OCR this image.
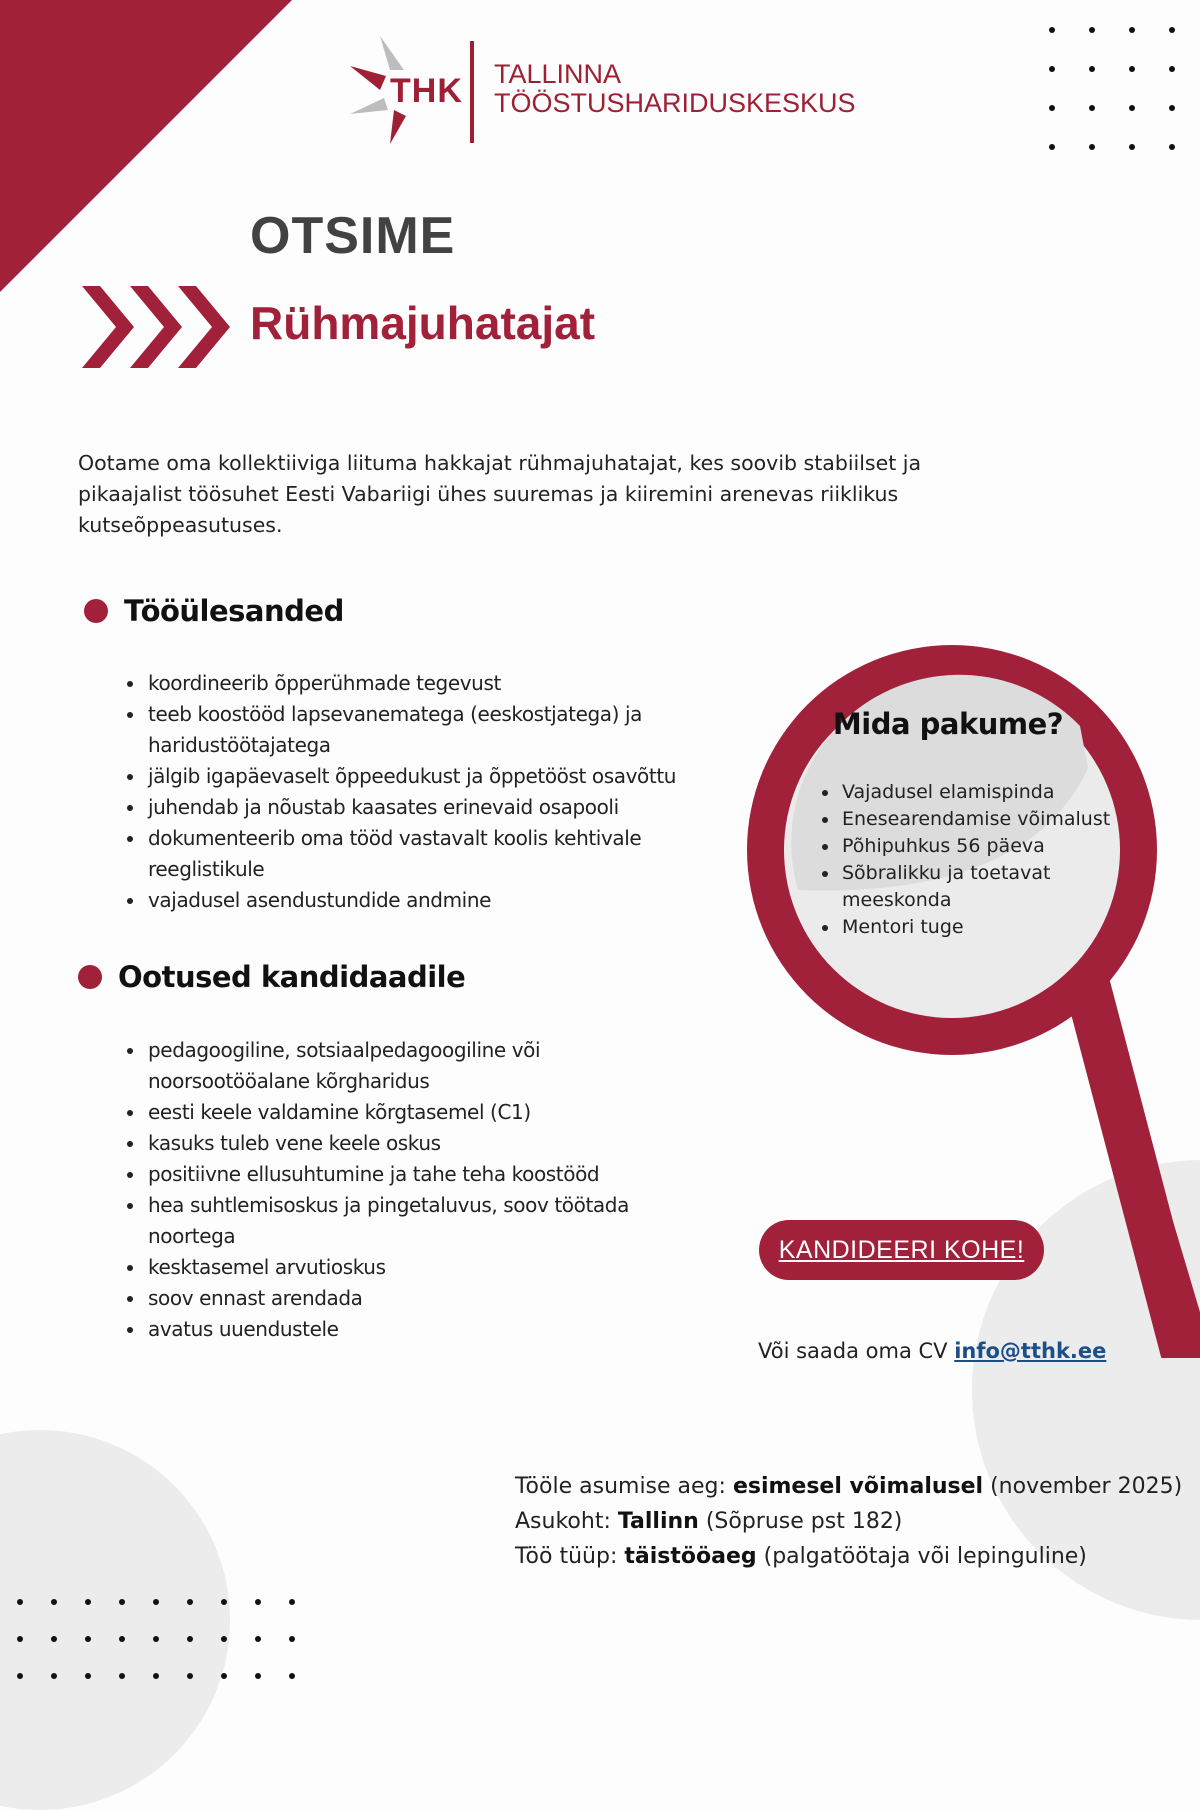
THK TALLINNA
TÖÖSTUSHARIDUSKESKUS
OTSIME
Rühmajuhatajat
Ootame oma kollektiiviga liituma hakkajat rühmajuhatajat, kes soovib stabiilset ja pikaajalist töösuhet Eesti Vabariigi ühes suuremas ja kiiremini arenevas riiklikus kutseõppeasutuses.
Tööülesanded
• koordineerib õpperühmade tegevust
• teeb koostööd lapsevanematega (eeskostjatega) ja haridustöötajatega
• jälgib igapäevaselt õppeedukust ja õppetööst osavõttu
• juhendab ja nõustab kaasates erinevaid osapooli
• dokumenteerib oma tööd vastavalt koolis kehtivale reeglistikule
• vajadusel asendustundide andmine
Ootused kandidaadile
• pedagoogiline, sotsiaalpedagoogiline või noorsootööalane kõrgharidus
• eesti keele valdamine kõrgtasemel (C1)
• kasuks tuleb vene keele oskus
• positiivne ellusuhtumine ja tahe teha koostööd
• hea suhtlemisoskus ja pingetaluvus, soov töötada noortega
• kesktasemel arvutioskus
• soov ennast arendada
• avatus uuendustele
Mida pakume?
• Vajadusel elamispinda
• Enesearendamise võimalust
• Põhipuhkus 56 päeva
• Sõbralikku ja toetavat meeskonda
• Mentori tuge
KANDIDEERI KOHE!
Või saada oma CV info@tthk.ee
Tööle asumise aeg: esimesel võimalusel (november 2025)
Asukoht: Tallinn (Sõpruse pst 182)
Töö tüüp: täistööaeg (palgatöötaja või lepinguline)
